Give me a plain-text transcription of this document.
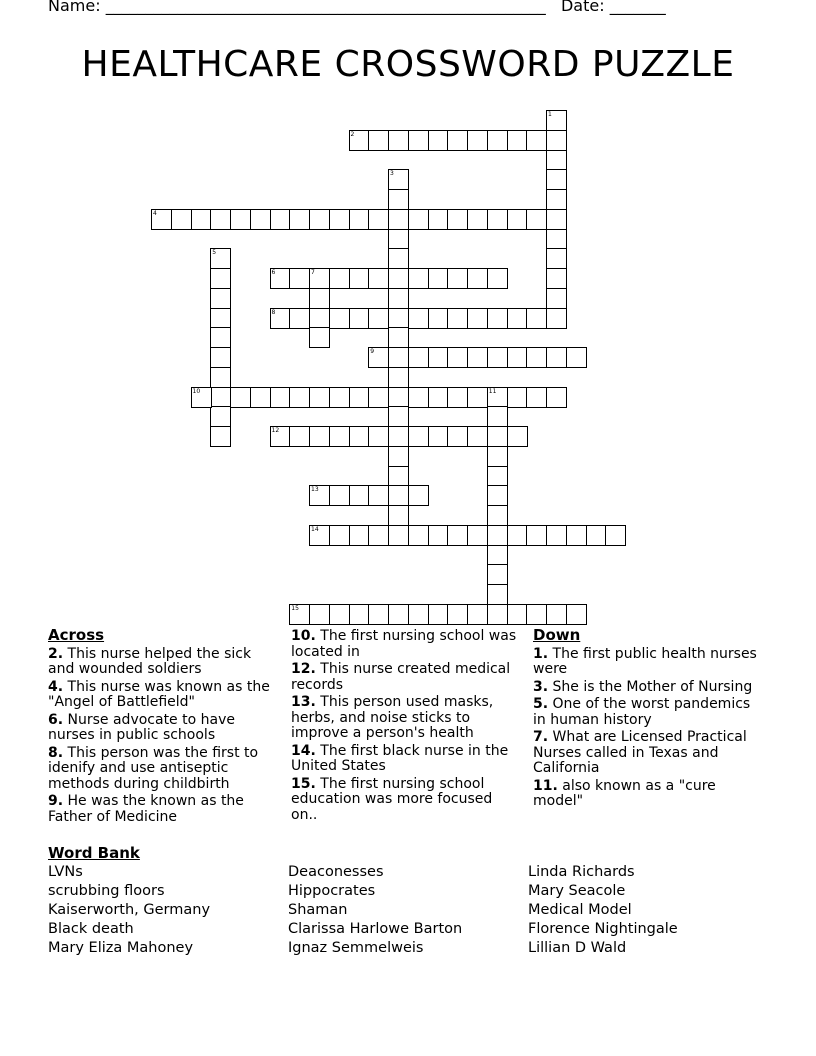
Name: _______________________________________________________ Date: _______
HEALTHCARE CROSSWORD PUZZLE
1
2
3
4
5
6	7
8
9
10	11
12
13
14
15
Across
2. This nurse helped the sick and wounded soldiers
4. This nurse was known as the "Angel of Battlefield"
6. Nurse advocate to have nurses in public schools
8. This person was the first to idenify and use antiseptic methods during childbirth
9. He was the known as the Father of Medicine
10. The first nursing school was located in
12. This nurse created medical records
13. This person used masks, herbs, and noise sticks to improve a person's health
14. The first black nurse in the United States
15. The first nursing school education was more focused on..
Down
1. The first public health nurses were
3. She is the Mother of Nursing
5. One of the worst pandemics in human history
7. What are Licensed Practical Nurses called in Texas and California
11. also known as a "cure model"
Word Bank
LVNs
scrubbing floors
Kaiserworth, Germany
Black death
Mary Eliza Mahoney
Deaconesses
Hippocrates
Shaman
Clarissa Harlowe Barton
Ignaz Semmelweis
Linda Richards
Mary Seacole
Medical Model
Florence Nightingale
Lillian D Wald
